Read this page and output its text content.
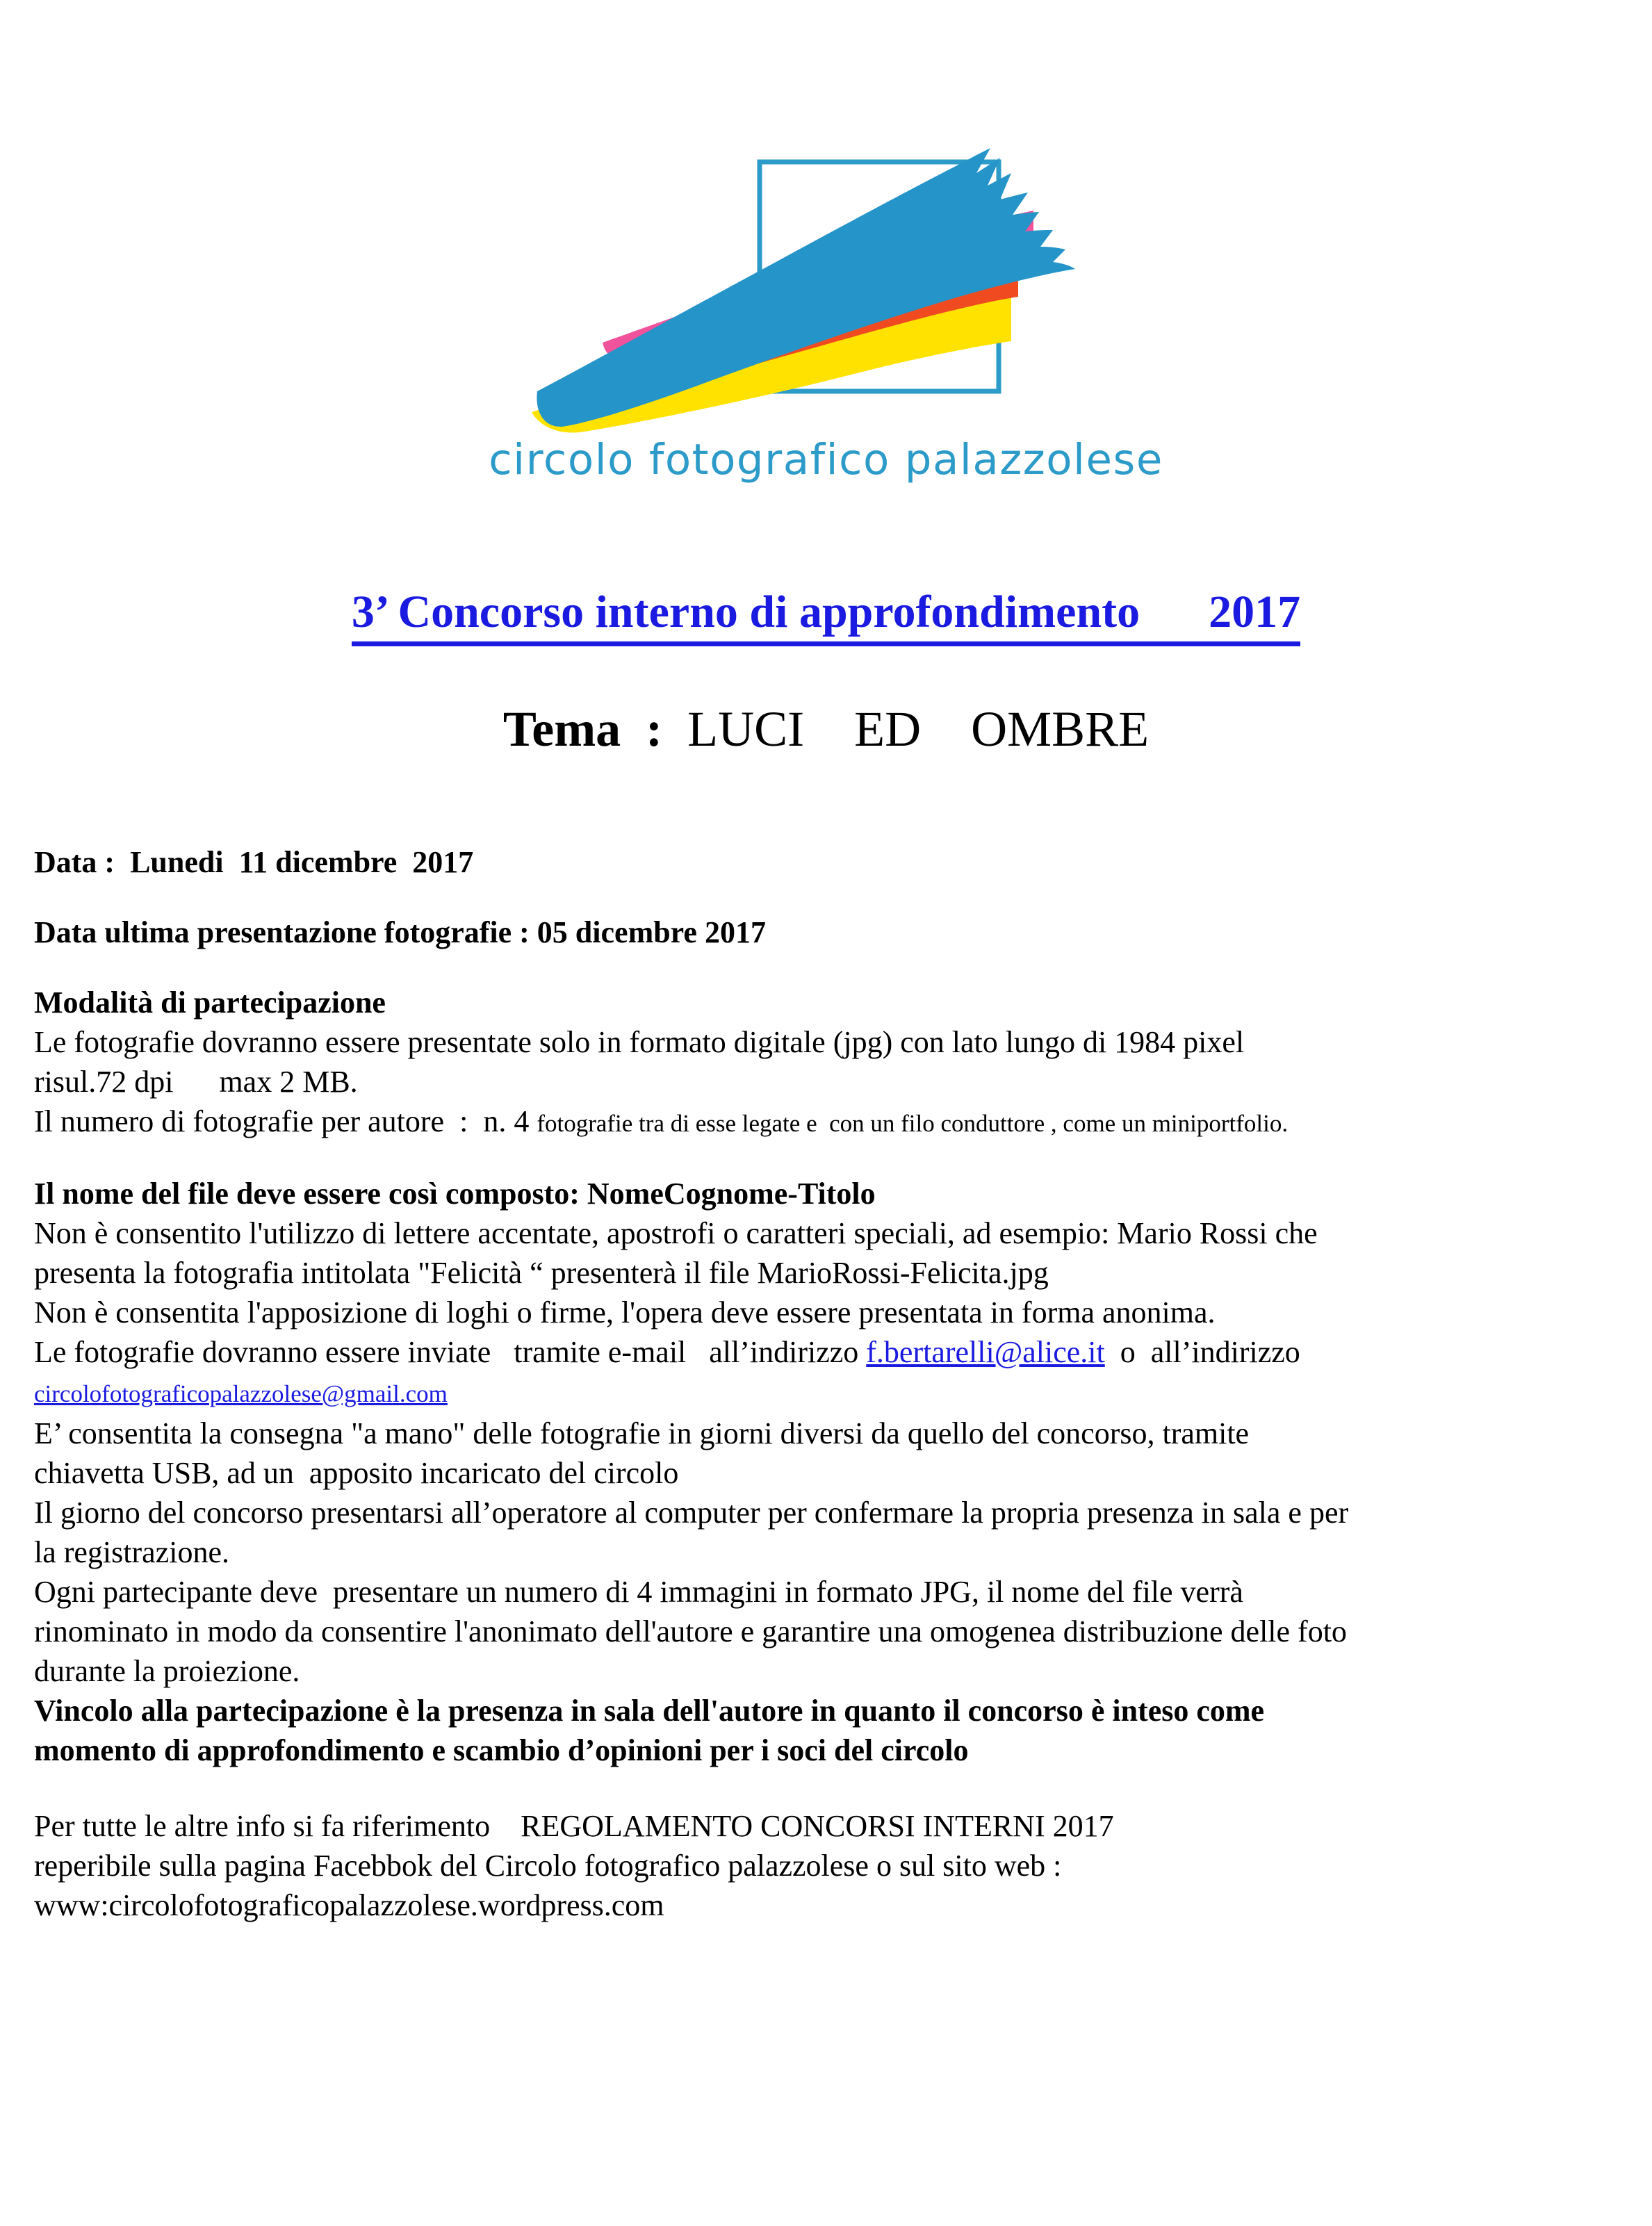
circolo fotografico palazzolese
3’ Concorso interno di approfondimento      2017
Tema  :  LUCI    ED    OMBRE
Data :  Lunedi  11 dicembre  2017
Data ultima presentazione fotografie : 05 dicembre 2017
Modalità di partecipazione
Le fotografie dovranno essere presentate solo in formato digitale (jpg) con lato lungo di 1984 pixel
risul.72 dpi      max 2 MB.
Il numero di fotografie per autore  :  n. 4 fotografie tra di esse legate e  con un filo conduttore , come un miniportfolio.
Il nome del file deve essere così composto: NomeCognome-Titolo
Non è consentito l'utilizzo di lettere accentate, apostrofi o caratteri speciali, ad esempio: Mario Rossi che
presenta la fotografia intitolata "Felicità “ presenterà il file MarioRossi-Felicita.jpg
Non è consentita l'apposizione di loghi o firme, l'opera deve essere presentata in forma anonima.
Le fotografie dovranno essere inviate   tramite e-mail   all’indirizzo f.bertarelli@alice.it  o  all’indirizzo
circolofotograficopalazzolese@gmail.com
E’ consentita la consegna "a mano" delle fotografie in giorni diversi da quello del concorso, tramite
chiavetta USB, ad un  apposito incaricato del circolo
Il giorno del concorso presentarsi all’operatore al computer per confermare la propria presenza in sala e per
la registrazione.
Ogni partecipante deve  presentare un numero di 4 immagini in formato JPG, il nome del file verrà
rinominato in modo da consentire l'anonimato dell'autore e garantire una omogenea distribuzione delle foto
durante la proiezione.
Vincolo alla partecipazione è la presenza in sala dell'autore in quanto il concorso è inteso come
momento di approfondimento e scambio d’opinioni per i soci del circolo
Per tutte le altre info si fa riferimento    REGOLAMENTO CONCORSI INTERNI 2017
reperibile sulla pagina Facebbok del Circolo fotografico palazzolese o sul sito web :
www:circolofotograficopalazzolese.wordpress.com
